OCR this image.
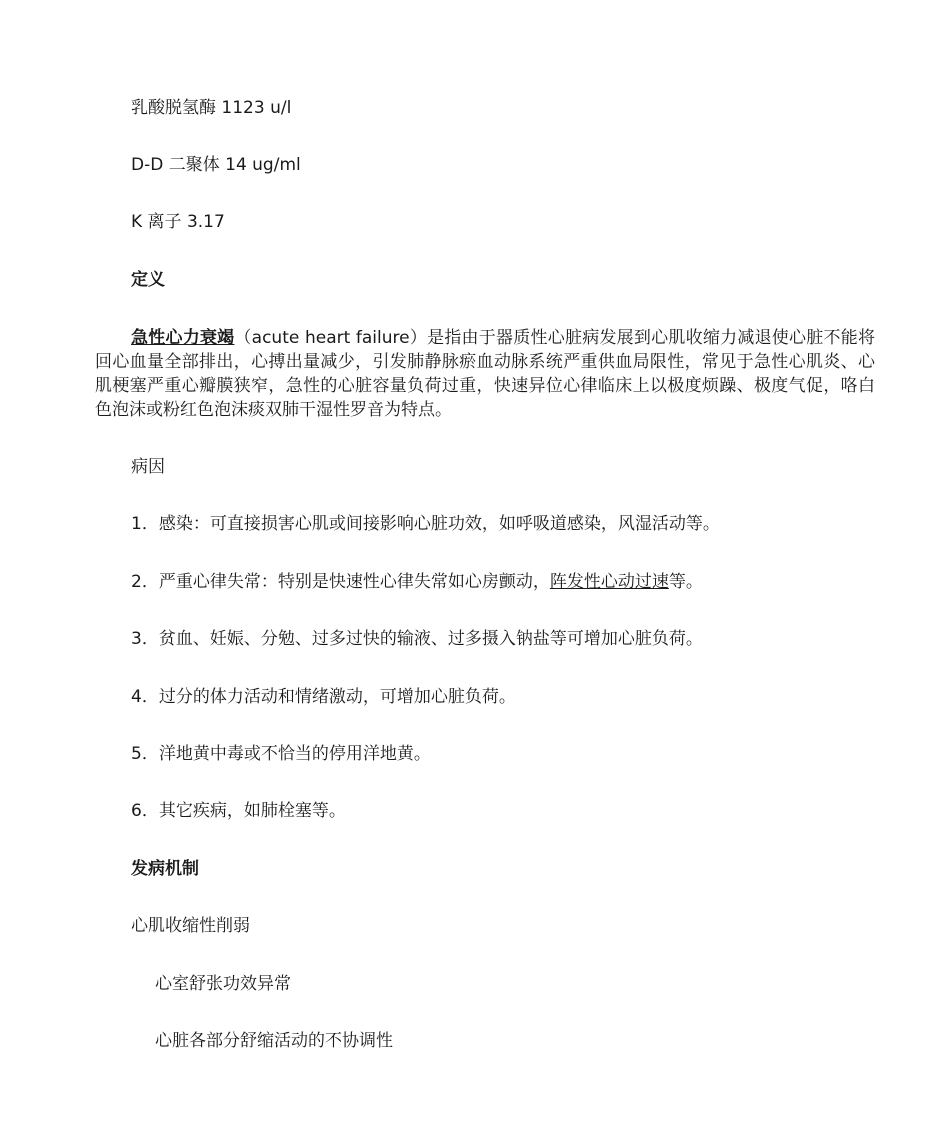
乳酸脱氢酶 1123 u/l
D-D 二聚体 14 ug/ml
K 离子 3.17
定义
急性心力衰竭（acute heart failure）是指由于器质性心脏病发展到心肌收缩力减退使心脏不能将回心血量全部排出，心搏出量减少，引发肺静脉瘀血动脉系统严重供血局限性，常见于急性心肌炎、心肌梗塞严重心瓣膜狭窄，急性的心脏容量负荷过重，快速异位心律临床上以极度烦躁、极度气促，咯白色泡沫或粉红色泡沫痰双肺干湿性罗音为特点。
病因
1．感染：可直接损害心肌或间接影响心脏功效，如呼吸道感染，风湿活动等。
2．严重心律失常：特别是快速性心律失常如心房颤动，阵发性心动过速等。
3．贫血、妊娠、分勉、过多过快的输液、过多摄入钠盐等可增加心脏负荷。
4．过分的体力活动和情绪激动，可增加心脏负荷。
5．洋地黄中毒或不恰当的停用洋地黄。
6．其它疾病，如肺栓塞等。
发病机制
心肌收缩性削弱
心室舒张功效异常
心脏各部分舒缩活动的不协调性
